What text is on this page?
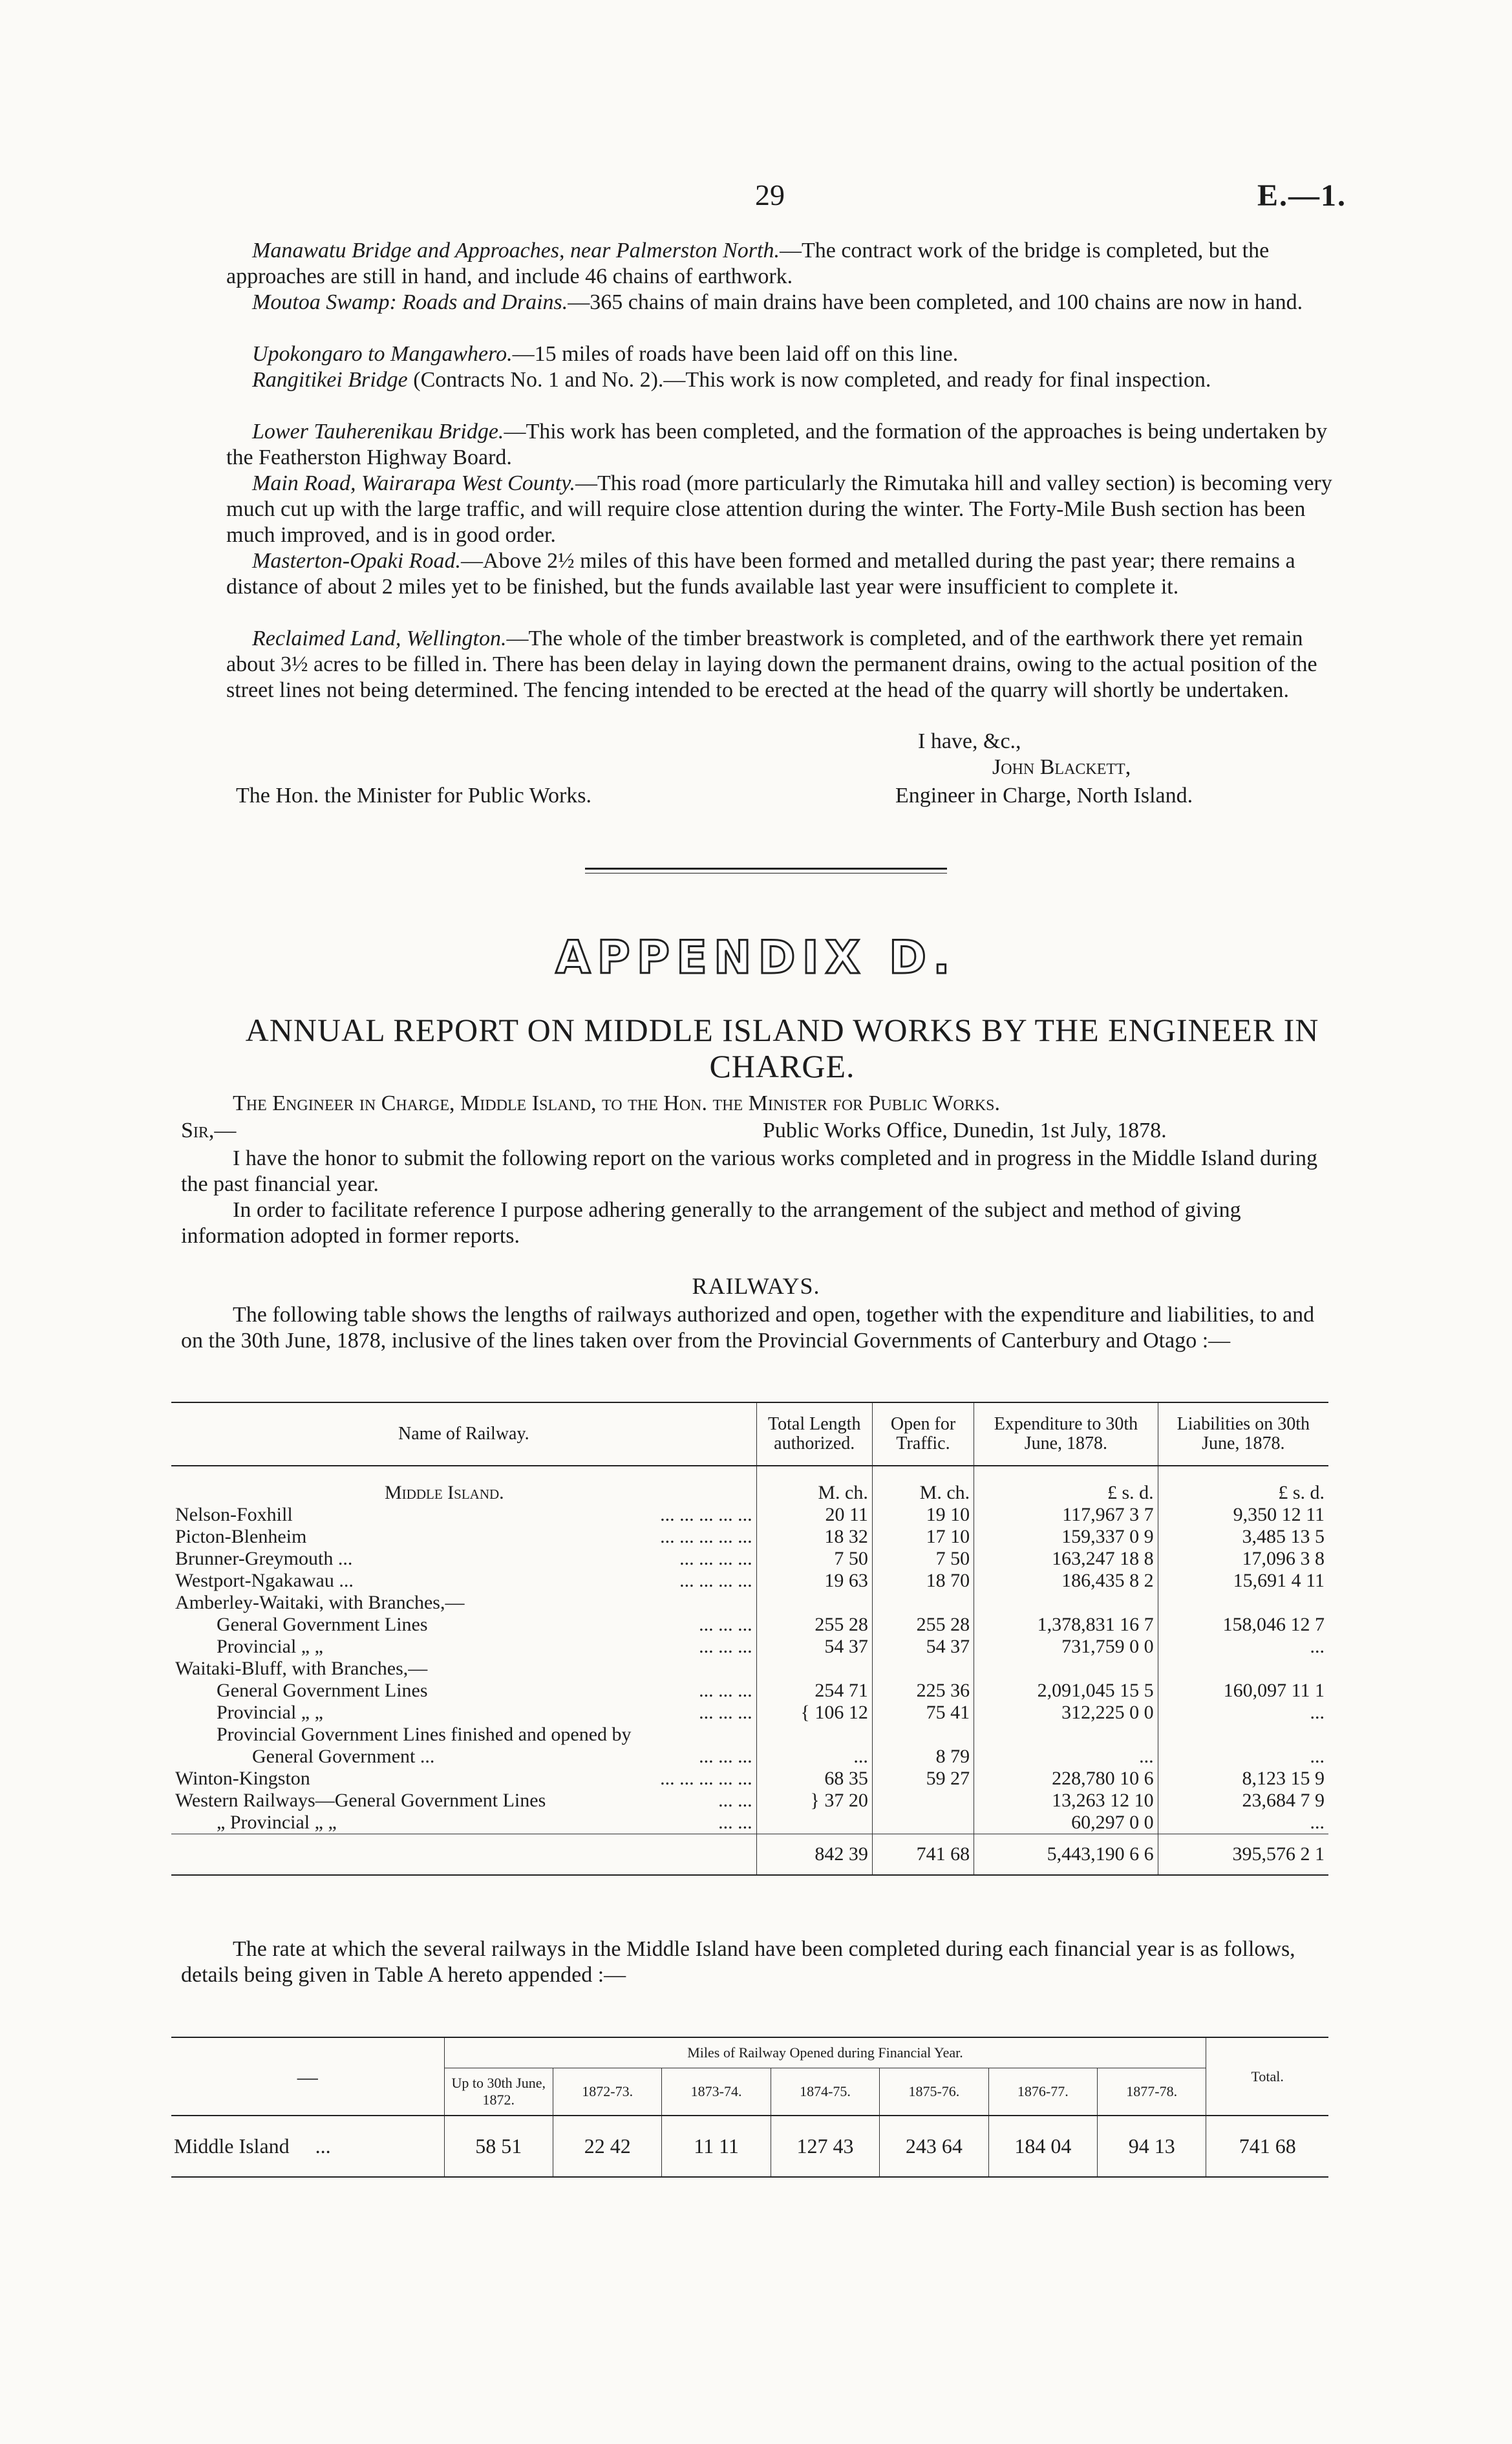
29	E.—1.

Manawatu Bridge and Approaches, near Palmerston North.—The contract work of the bridge is completed, but the approaches are still in hand, and include 46 chains of earthwork.

Moutoa Swamp: Roads and Drains.—365 chains of main drains have been completed, and 100 chains are now in hand.

Upokongaro to Mangawhero.—15 miles of roads have been laid off on this line.

Rangitikei Bridge (Contracts No. 1 and No. 2).—This work is now completed, and ready for final inspection.

Lower Tauherenikau Bridge.—This work has been completed, and the formation of the approaches is being undertaken by the Featherston Highway Board.

Main Road, Wairarapa West County.—This road (more particularly the Rimutaka hill and valley section) is becoming very much cut up with the large traffic, and will require close attention during the winter. The Forty-Mile Bush section has been much improved, and is in good order.

Masterton-Opaki Road.—Above 2½ miles of this have been formed and metalled during the past year; there remains a distance of about 2 miles yet to be finished, but the funds available last year were insufficient to complete it.

Reclaimed Land, Wellington.—The whole of the timber breastwork is completed, and of the earthwork there yet remain about 3½ acres to be filled in. There has been delay in laying down the permanent drains, owing to the actual position of the street lines not being determined. The fencing intended to be erected at the head of the quarry will shortly be undertaken.

I have, &c.,
John Blackett,
Engineer in Charge, North Island.
The Hon. the Minister for Public Works.
APPENDIX D.
ANNUAL REPORT ON MIDDLE ISLAND WORKS BY THE ENGINEER IN CHARGE.
The Engineer in Charge, Middle Island, to the Hon. the Minister for Public Works.
Sir,—	Public Works Office, Dunedin, 1st July, 1878.

I have the honor to submit the following report on the various works completed and in progress in the Middle Island during the past financial year.

In order to facilitate reference I purpose adhering generally to the arrangement of the subject and method of giving information adopted in former reports.

RAILWAYS.

The following table shows the lengths of railways authorized and open, together with the expenditure and liabilities, to and on the 30th June, 1878, inclusive of the lines taken over from the Provincial Governments of Canterbury and Otago :—

Name of Railway.	Total Length authorized.	Open for Traffic.	Expenditure to 30th June, 1878.	Liabilities on 30th June, 1878.
Middle Island.	M. ch.	M. ch.	£ s. d.	£ s. d.
Nelson-Foxhill ... ... ... ... ...	20 11	19 10	117,967 3 7	9,350 12 11
Picton-Blenheim ... ... ... ... ...	18 32	17 10	159,337 0 9	3,485 13 5
Brunner-Greymouth ... ... ... ... ...	7 50	7 50	163,247 18 8	17,096 3 8
Westport-Ngakawau ... ... ... ... ...	19 63	18 70	186,435 8 2	15,691 4 11
Amberley-Waitaki, with Branches,—

General Government Lines ... ... ...	255 28	255 28	1,378,831 16 7	158,046 12 7
Provincial „ „ ... ... ...	54 37	54 37	731,759 0 0	...
Waitaki-Bluff, with Branches,—

General Government Lines ... ... ...	254 71	225 36	2,091,045 15 5	160,097 11 1
Provincial „ „ ... ... ...	{ 106 12	75 41	312,225 0 0	...
Provincial Government Lines finished and opened by

General Government ... ... ... ...	...	8 79	...	...
Winton-Kingston ... ... ... ... ...	68 35	59 27	228,780 10 6	8,123 15 9
Western Railways—General Government Lines ... ...	} 37 20		13,263 12 10	23,684 7 9
„ Provincial „ „ ... ...			60,297 0 0	...
	842 39	741 68	5,443,190 6 6	395,576 2 1
The rate at which the several railways in the Middle Island have been completed during each financial year is as follows, details being given in Table A hereto appended :—
—	Miles of Railway Opened during Financial Year.							Total.
	Up to 30th June, 1872.	1872-73.	1873-74.	1874-75.	1875-76.	1876-77.	1877-78.	
Middle Island ...	58 51	22 42	11 11	127 43	243 64	184 04	94 13	741 68
